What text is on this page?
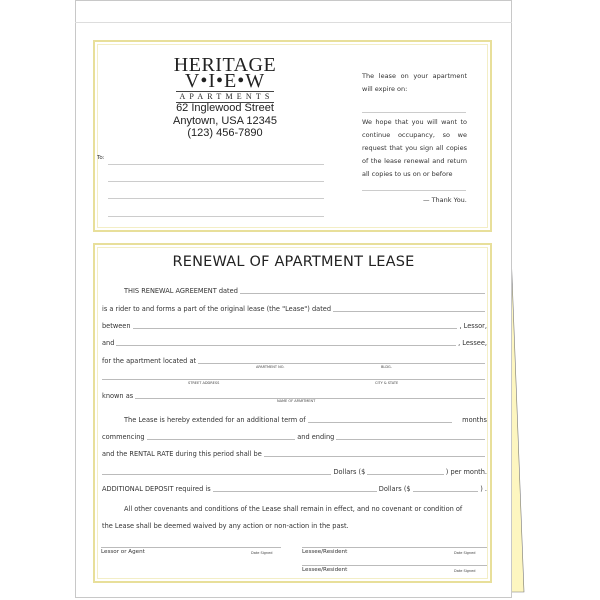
HERITAGE
V•I•E•W
APARTMENTS
62 Inglewood Street
Anytown, USA 12345
(123) 456-7890
To:
The lease on your apartment will expire on:
We hope that you will want to continue occupancy, so we request that you sign all copies of the lease renewal and return all copies to us on or before
— Thank You.
RENEWAL OF APARTMENT LEASE
THIS RENEWAL AGREEMENT dated
is a rider to and forms a part of the original lease (the "Lease") dated
between	, Lessor,
and	, Lessee,
for the apartment located at
APARTMENT NO.	BLDG.
STREET ADDRESS	CITY & STATE
known as
NAME OF APARTMENT
The Lease is hereby extended for an additional term of	months
commencing	and ending
and the RENTAL RATE during this period shall be
Dollars ($	) per month.
ADDITIONAL DEPOSIT required is	Dollars ($	) .
All other covenants and conditions of the Lease shall remain in effect, and no covenant or condition of
the Lease shall be deemed waived by any action or non-action in the past.
Lessor or Agent	Date Signed	Lessee/Resident	Date Signed
Lessee/Resident	Date Signed
